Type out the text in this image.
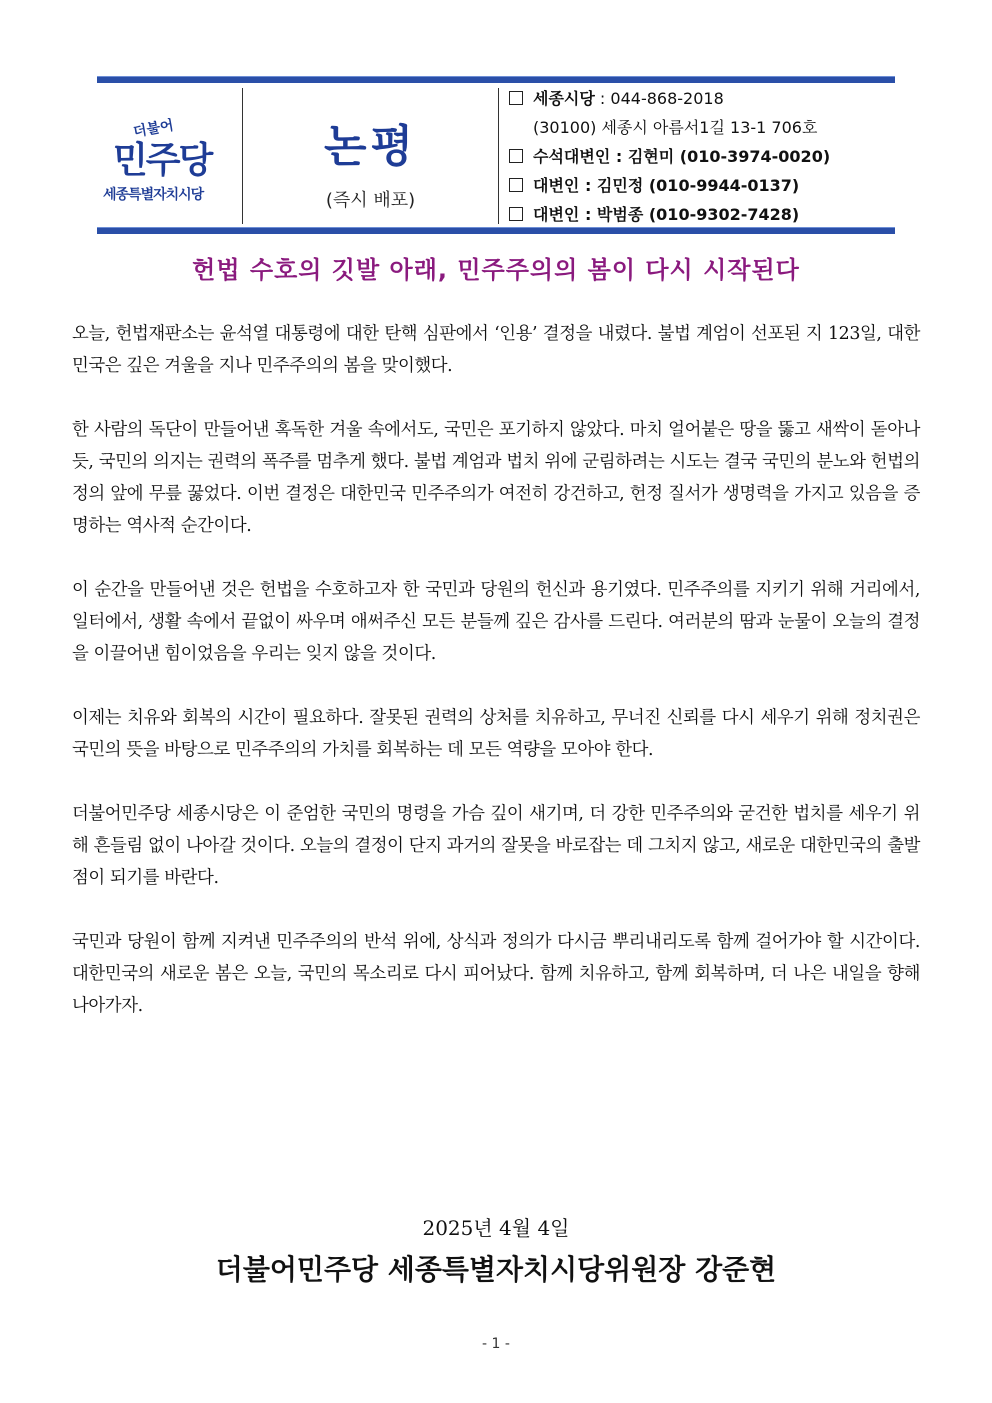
더불어
민주당
세종특별자치시당
논평
(즉시 배포)
세종시당 : 044-868-2018
(30100) 세종시 아름서1길 13-1 706호
수석대변인 : 김현미 (010-3974-0020)
대변인 : 김민정 (010-9944-0137)
대변인 : 박범종 (010-9302-7428)
헌법 수호의 깃발 아래, 민주주의의 봄이 다시 시작된다

오늘, 헌법재판소는 윤석열 대통령에 대한 탄핵 심판에서 ‘인용’ 결정을 내렸다. 불법 계엄이 선포된 지 123일, 대한민국은 깊은 겨울을 지나 민주주의의 봄을 맞이했다.

한 사람의 독단이 만들어낸 혹독한 겨울 속에서도, 국민은 포기하지 않았다. 마치 얼어붙은 땅을 뚫고 새싹이 돋아나듯, 국민의 의지는 권력의 폭주를 멈추게 했다. 불법 계엄과 법치 위에 군림하려는 시도는 결국 국민의 분노와 헌법의 정의 앞에 무릎 꿇었다. 이번 결정은 대한민국 민주주의가 여전히 강건하고, 헌정 질서가 생명력을 가지고 있음을 증명하는 역사적 순간이다.

이 순간을 만들어낸 것은 헌법을 수호하고자 한 국민과 당원의 헌신과 용기였다. 민주주의를 지키기 위해 거리에서, 일터에서, 생활 속에서 끝없이 싸우며 애써주신 모든 분들께 깊은 감사를 드린다. 여러분의 땀과 눈물이 오늘의 결정을 이끌어낸 힘이었음을 우리는 잊지 않을 것이다.

이제는 치유와 회복의 시간이 필요하다. 잘못된 권력의 상처를 치유하고, 무너진 신뢰를 다시 세우기 위해 정치권은 국민의 뜻을 바탕으로 민주주의의 가치를 회복하는 데 모든 역량을 모아야 한다.

더불어민주당 세종시당은 이 준엄한 국민의 명령을 가슴 깊이 새기며, 더 강한 민주주의와 굳건한 법치를 세우기 위해 흔들림 없이 나아갈 것이다. 오늘의 결정이 단지 과거의 잘못을 바로잡는 데 그치지 않고, 새로운 대한민국의 출발점이 되기를 바란다.

국민과 당원이 함께 지켜낸 민주주의의 반석 위에, 상식과 정의가 다시금 뿌리내리도록 함께 걸어가야 할 시간이다. 대한민국의 새로운 봄은 오늘, 국민의 목소리로 다시 피어났다. 함께 치유하고, 함께 회복하며, 더 나은 내일을 향해 나아가자.

2025년 4월 4일
더불어민주당 세종특별자치시당위원장 강준현
- 1 -
